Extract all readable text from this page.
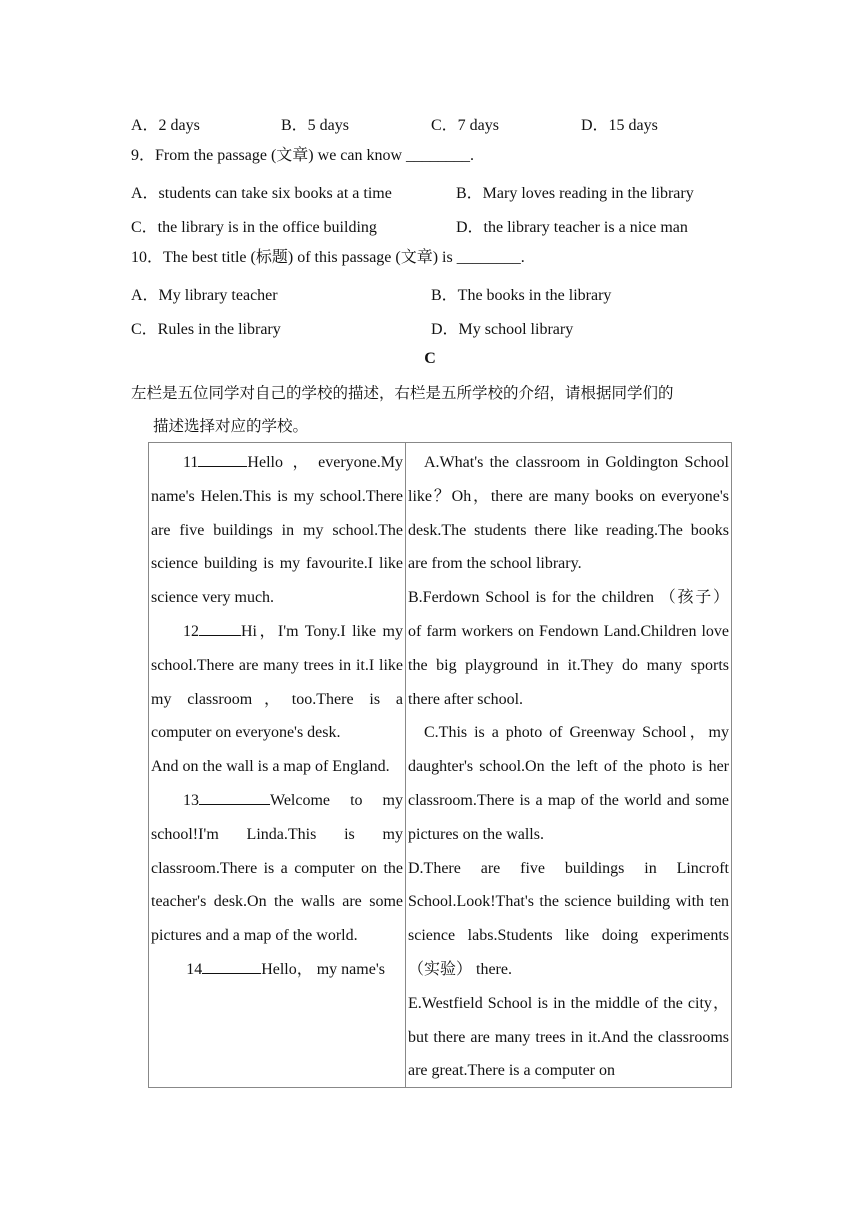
A．2 days	B．5 days	C．7 days	D．15 days
9．From the passage (文章) we can know ________.
A．students can take six books at a time	B．Mary loves reading in the library
C．the library is in the office building	D．the library teacher is a nice man
10．The best title (标题) of this passage (文章) is ________.
A．My library teacher	B．The books in the library
C．Rules in the library	D．My school library
C
左栏是五位同学对自己的学校的描述，右栏是五所学校的介绍，请根据同学们的
描述选择对应的学校。

11	Hello，everyone.My name's Helen.This is my school.There are five buildings in my school.The science building is my favourite.I like science very much.

12	Hi，I'm Tony.I like my school.There are many trees in it.I like my classroom，too.There is a computer on everyone's desk.

And on the wall is a map of England.

13	Welcome to my school!I'm Linda.This is my classroom.There is a computer on the teacher's desk.On the walls are some pictures and a map of the world.

14	Hello， my name's

A.What's the classroom in Goldington School like？Oh，there are many books on everyone's desk.The students there like reading.The books are from the school library.

B.Ferdown School is for the children （孩子） of farm workers on Fendown Land.Children love the big playground in it.They do many sports there after school.

C.This is a photo of Greenway School，my daughter's school.On the left of the photo is her classroom.There is a map of the world and some pictures on the walls.

D.There are five buildings in Lincroft School.Look!That's the science building with ten science labs.Students like doing experiments （实验） there.

E.Westfield School is in the middle of the city， but there are many trees in it.And the classrooms are great.There is a computer on
